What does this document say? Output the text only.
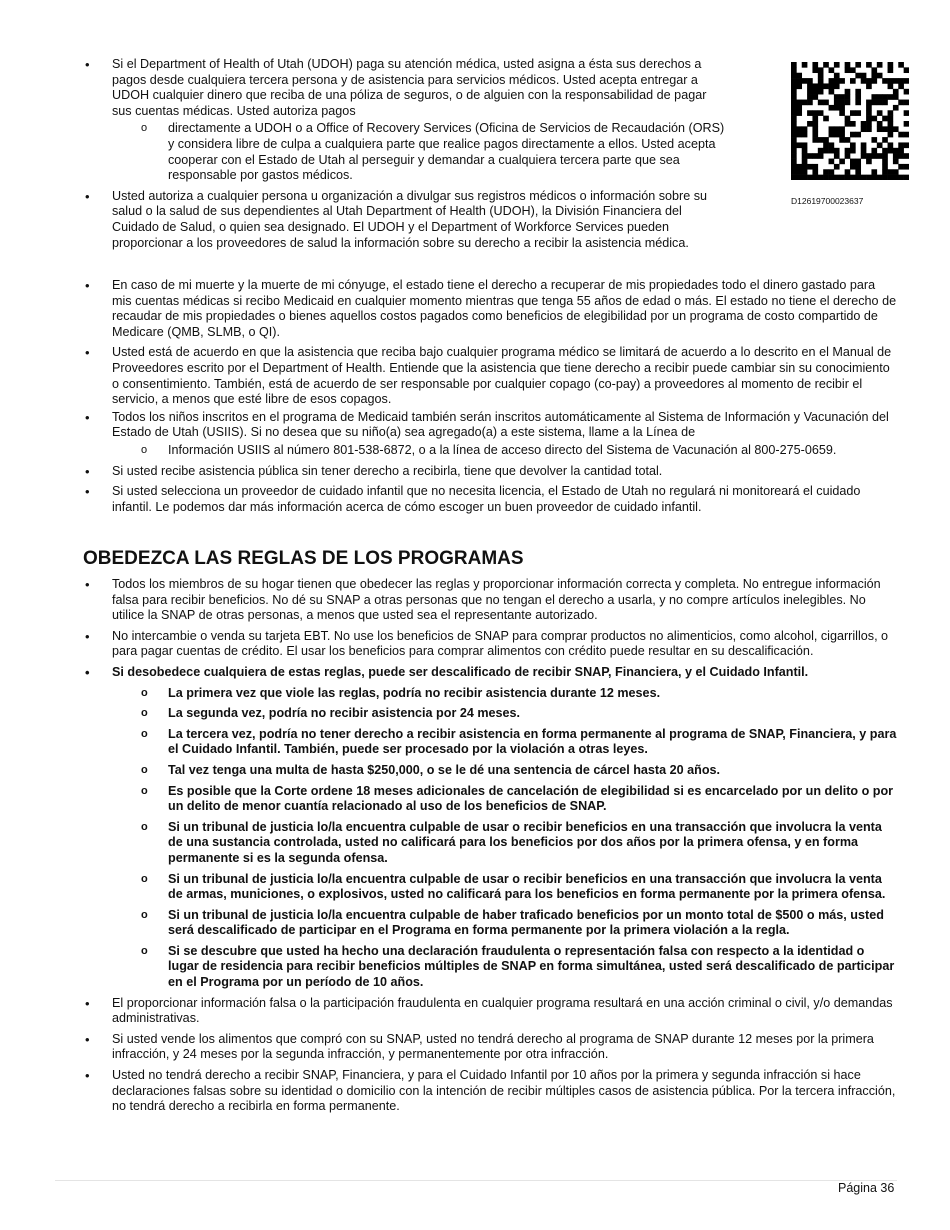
• Si el Department of Health of Utah (UDOH) paga su atención médica, usted asigna a ésta sus derechos a pagos desde cualquiera tercera persona y de asistencia para servicios médicos. Usted acepta entregar a UDOH cualquier dinero que reciba de una póliza de seguros, o de alguien con la responsabilidad de pagar sus cuentas médicas. Usted autoriza pagos
o directamente a UDOH o a Office of Recovery Services (Oficina de Servicios de Recaudación (ORS) y considera libre de culpa a cualquiera parte que realice pagos directamente a ellos. Usted acepta cooperar con el Estado de Utah al perseguir y demandar a cualquiera tercera parte que sea responsable por gastos médicos.
• Usted autoriza a cualquier persona u organización a divulgar sus registros médicos o información sobre su salud o la salud de sus dependientes al Utah Department of Health (UDOH), la División Financiera del Cuidado de Salud, o quien sea designado. El UDOH y el Department of Workforce Services pueden proporcionar a los proveedores de salud la información sobre su derecho a recibir la asistencia médica.
D12619700023637
• En caso de mi muerte y la muerte de mi cónyuge, el estado tiene el derecho a recuperar de mis propiedades todo el dinero gastado para mis cuentas médicas si recibo Medicaid en cualquier momento mientras que tenga 55 años de edad o más. El estado no tiene el derecho de recaudar de mis propiedades o bienes aquellos costos pagados como beneficios de elegibilidad por un programa de costo compartido de Medicare (QMB, SLMB, o QI).
• Usted está de acuerdo en que la asistencia que reciba bajo cualquier programa médico se limitará de acuerdo a lo descrito en el Manual de Proveedores escrito por el Department of Health. Entiende que la asistencia que tiene derecho a recibir puede cambiar sin su conocimiento o consentimiento. También, está de acuerdo de ser responsable por cualquier copago (co-pay) a proveedores al momento de recibir el servicio, a menos que esté libre de esos copagos.
• Todos los niños inscritos en el programa de Medicaid también serán inscritos automáticamente al Sistema de Información y Vacunación del Estado de Utah (USIIS). Si no desea que su niño(a) sea agregado(a) a este sistema, llame a la Línea de
o Información USIIS al número 801-538-6872, o a la línea de acceso directo del Sistema de Vacunación al 800-275-0659.
• Si usted recibe asistencia pública sin tener derecho a recibirla, tiene que devolver la cantidad total.
• Si usted selecciona un proveedor de cuidado infantil que no necesita licencia, el Estado de Utah no regulará ni monitoreará el cuidado infantil. Le podemos dar más información acerca de cómo escoger un buen proveedor de cuidado infantil.
OBEDEZCA LAS REGLAS DE LOS PROGRAMAS
• Todos los miembros de su hogar tienen que obedecer las reglas y proporcionar información correcta y completa. No entregue información falsa para recibir beneficios. No dé su SNAP a otras personas que no tengan el derecho a usarla, y no compre artículos inelegibles. No utilice la SNAP de otras personas, a menos que usted sea el representante autorizado.
• No intercambie o venda su tarjeta EBT. No use los beneficios de SNAP para comprar productos no alimenticios, como alcohol, cigarrillos, o para pagar cuentas de crédito. El usar los beneficios para comprar alimentos con crédito puede resultar en su descalificación.
• Si desobedece cualquiera de estas reglas, puede ser descalificado de recibir SNAP, Financiera, y el Cuidado Infantil.
o La primera vez que viole las reglas, podría no recibir asistencia durante 12 meses.
o La segunda vez, podría no recibir asistencia por 24 meses.
o La tercera vez, podría no tener derecho a recibir asistencia en forma permanente al programa de SNAP, Financiera, y para el Cuidado Infantil. También, puede ser procesado por la violación a otras leyes.
o Tal vez tenga una multa de hasta $250,000, o se le dé una sentencia de cárcel hasta 20 años.
o Es posible que la Corte ordene 18 meses adicionales de cancelación de elegibilidad si es encarcelado por un delito o por un delito de menor cuantía relacionado al uso de los beneficios de SNAP.
o Si un tribunal de justicia lo/la encuentra culpable de usar o recibir beneficios en una transacción que involucra la venta de una sustancia controlada, usted no calificará para los beneficios por dos años por la primera ofensa, y en forma permanente si es la segunda ofensa.
o Si un tribunal de justicia lo/la encuentra culpable de usar o recibir beneficios en una transacción que involucra la venta de armas, municiones, o explosivos, usted no calificará para los beneficios en forma permanente por la primera ofensa.
o Si un tribunal de justicia lo/la encuentra culpable de haber traficado beneficios por un monto total de $500 o más, usted será descalificado de participar en el Programa en forma permanente por la primera violación a la regla.
o Si se descubre que usted ha hecho una declaración fraudulenta o representación falsa con respecto a la identidad o lugar de residencia para recibir beneficios múltiples de SNAP en forma simultánea, usted será descalificado de participar en el Programa por un período de 10 años.
• El proporcionar información falsa o la participación fraudulenta en cualquier programa resultará en una acción criminal o civil, y/o demandas administrativas.
• Si usted vende los alimentos que compró con su SNAP, usted no tendrá derecho al programa de SNAP durante 12 meses por la primera infracción, y 24 meses por la segunda infracción, y permanentemente por otra infracción.
• Usted no tendrá derecho a recibir SNAP, Financiera, y para el Cuidado Infantil por 10 años por la primera y segunda infracción si hace declaraciones falsas sobre su identidad o domicilio con la intención de recibir múltiples casos de asistencia pública. Por la tercera infracción, no tendrá derecho a recibirla en forma permanente.
Página 36
